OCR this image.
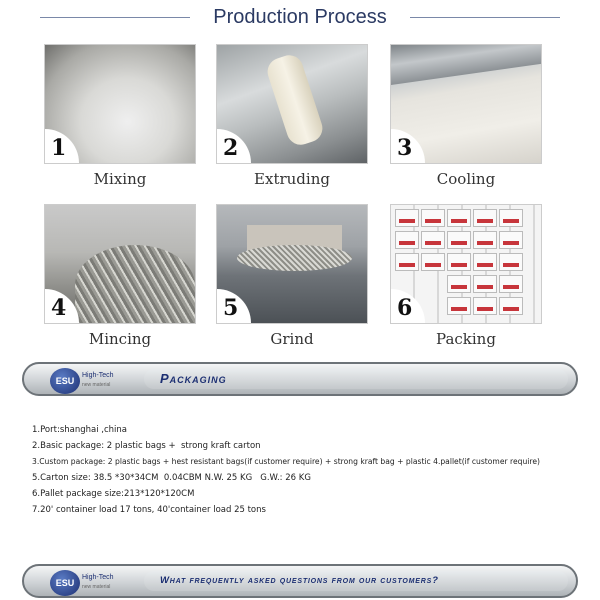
Production Process
1
Mixing
2
Extruding
3
Cooling
4
Mincing
5
Grind
6
Packing
ESU
High-Tech
new material	Packaging
1.Port:shanghai ,china
2.Basic package: 2 plastic bags +  strong kraft carton
3.Custom package: 2 plastic bags + hest resistant bags(if customer require) + strong kraft bag + plastic 4.pallet(if customer require)
5.Carton size: 38.5 *30*34CM  0.04CBM N.W. 25 KG   G.W.: 26 KG
6.Pallet package size:213*120*120CM
7.20' container load 17 tons, 40'container load 25 tons
ESU
High-Tech
new material
What frequently asked questions from our customers?
